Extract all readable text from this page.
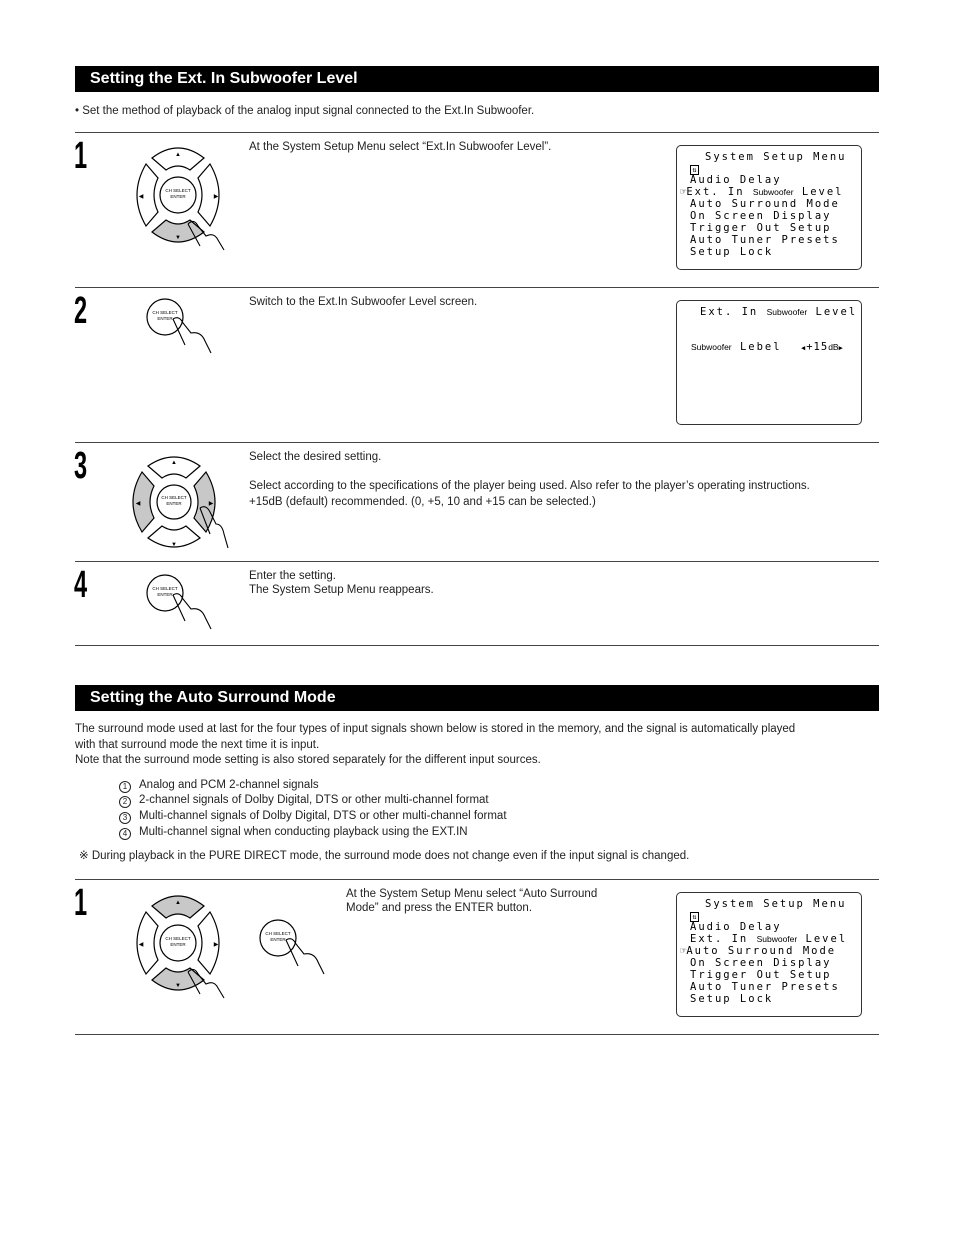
Setting the Ext. In Subwoofer Level
• Set the method of playback of the analog input signal connected to the Ext.In Subwoofer.
1
CH SELECT
ENTER
▲
▼
◀	▶
At the System Setup Menu select “Ext.In Subwoofer Level”.
System Setup Menu
⇅
Audio Delay
☞Ext. In Subwoofer Level
Auto Surround Mode
On Screen Display
Trigger Out Setup
Auto Tuner Presets
Setup Lock
2	CH SELECT
ENTER
Switch to the Ext.In Subwoofer Level screen.
Ext. In Subwoofer Level
Subwoofer Lebel	◀+15dB▶
3
CH SELECT
ENTER
▲
▼
◀	▶
Select the desired setting.
Select according to the specifications of the player being used. Also refer to the player’s operating instructions.
+15dB (default) recommended. (0, +5, 10 and +15 can be selected.)
4	CH SELECT
ENTER
Enter the setting.
The System Setup Menu reappears.
Setting the Auto Surround Mode
The surround mode used at last for the four types of input signals shown below is stored in the memory, and the signal is automatically played
with that surround mode the next time it is input.
Note that the surround mode setting is also stored separately for the different input sources.
1 Analog and PCM 2-channel signals
2 2-channel signals of Dolby Digital, DTS or other multi-channel format
3 Multi-channel signals of Dolby Digital, DTS or other multi-channel format
4 Multi-channel signal when conducting playback using the EXT.IN
※ During playback in the PURE DIRECT mode, the surround mode does not change even if the input signal is changed.
1
CH SELECT
ENTER
▲
▼
◀	▶
CH SELECT
ENTER
At the System Setup Menu select “Auto Surround
Mode” and press the ENTER button.	System Setup Menu
⇅
Audio Delay
Ext. In Subwoofer Level
☞Auto Surround Mode
On Screen Display
Trigger Out Setup
Auto Tuner Presets
Setup Lock
